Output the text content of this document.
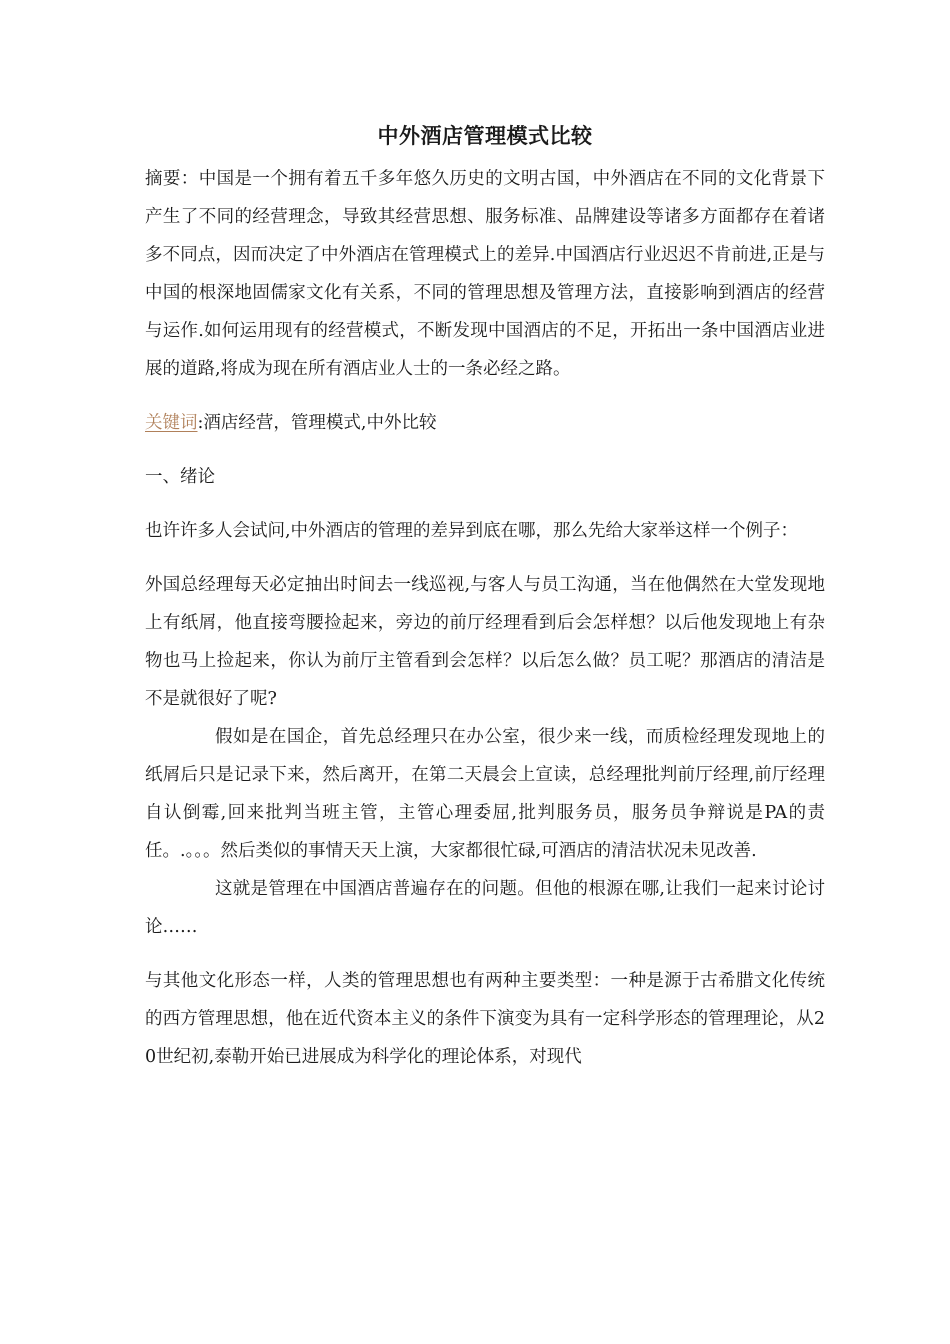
中外酒店管理模式比较

摘要：中国是一个拥有着五千多年悠久历史的文明古国，中外酒店在不同的文化背景下产生了不同的经营理念，导致其经营思想、服务标准、品牌建设等诸多方面都存在着诸多不同点，因而决定了中外酒店在管理模式上的差异.中国酒店行业迟迟不肯前进,正是与中国的根深地固儒家文化有关系，不同的管理思想及管理方法，直接影响到酒店的经营与运作.如何运用现有的经营模式，不断发现中国酒店的不足，开拓出一条中国酒店业进展的道路,将成为现在所有酒店业人士的一条必经之路。

关键词:酒店经营，管理模式,中外比较

一、绪论

也许许多人会试问,中外酒店的管理的差异到底在哪，那么先给大家举这样一个例子：

外国总经理每天必定抽出时间去一线巡视,与客人与员工沟通，当在他偶然在大堂发现地上有纸屑，他直接弯腰捡起来，旁边的前厅经理看到后会怎样想？以后他发现地上有杂物也马上捡起来，你认为前厅主管看到会怎样？以后怎么做？员工呢？那酒店的清洁是不是就很好了呢?

假如是在国企，首先总经理只在办公室，很少来一线，而质检经理发现地上的纸屑后只是记录下来，然后离开，在第二天晨会上宣读，总经理批判前厅经理,前厅经理自认倒霉,回来批判当班主管，主管心理委屈,批判服务员，服务员争辩说是PA的责任。.。。。然后类似的事情天天上演，大家都很忙碌,可酒店的清洁状况未见改善.

这就是管理在中国酒店普遍存在的问题。但他的根源在哪,让我们一起来讨论讨论……

与其他文化形态一样，人类的管理思想也有两种主要类型：一种是源于古希腊文化传统的西方管理思想，他在近代资本主义的条件下演变为具有一定科学形态的管理理论，从20世纪初,泰勒开始已进展成为科学化的理论体系，对现代
